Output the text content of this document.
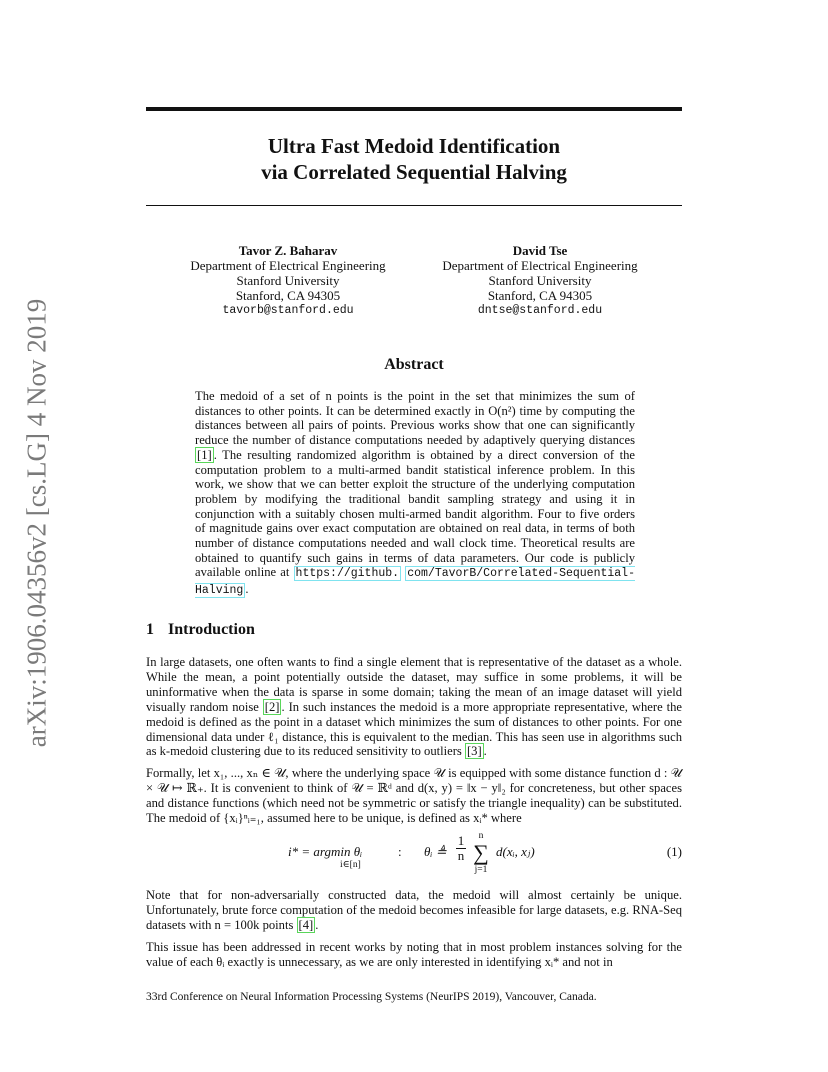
arXiv:1906.04356v2 [cs.LG] 4 Nov 2019
Ultra Fast Medoid Identification
via Correlated Sequential Halving
Tavor Z. Baharav
Department of Electrical Engineering
Stanford University
Stanford, CA 94305
tavorb@stanford.edu
David Tse
Department of Electrical Engineering
Stanford University
Stanford, CA 94305
dntse@stanford.edu
Abstract
The medoid of a set of n points is the point in the set that minimizes the sum of distances to other points. It can be determined exactly in O(n²) time by computing the distances between all pairs of points. Previous works show that one can significantly reduce the number of distance computations needed by adaptively querying distances [1] . The resulting randomized algorithm is obtained by a direct conversion of the computation problem to a multi-armed bandit statistical inference problem. In this work, we show that we can better exploit the structure of the underlying computation problem by modifying the traditional bandit sampling strategy and using it in conjunction with a suitably chosen multi-armed bandit algorithm. Four to five orders of magnitude gains over exact computation are obtained on real data, in terms of both number of distance computations needed and wall clock time. Theoretical results are obtained to quantify such gains in terms of data parameters. Our code is publicly available online at https://github. com/TavorB/Correlated-Sequential-Halving .
1 Introduction
In large datasets, one often wants to find a single element that is representative of the dataset as a whole. While the mean, a point potentially outside the dataset, may suffice in some problems, it will be uninformative when the data is sparse in some domain; taking the mean of an image dataset will yield visually random noise [2] . In such instances the medoid is a more appropriate representative, where the medoid is defined as the point in a dataset which minimizes the sum of distances to other points. For one dimensional data under ℓ₁ distance, this is equivalent to the median. This has seen use in algorithms such as k-medoid clustering due to its reduced sensitivity to outliers [3] .
Formally, let x₁, ..., xₙ ∈ 𝒰, where the underlying space 𝒰 is equipped with some distance function d : 𝒰 × 𝒰 ↦ ℝ₊. It is convenient to think of 𝒰 = ℝᵈ and d(x, y) = ‖x − y‖₂ for concreteness, but other spaces and distance functions (which need not be symmetric or satisfy the triangle inequality) can be substituted. The medoid of {xᵢ}ⁿᵢ₌₁, assumed here to be unique, is defined as xᵢ* where
i* = argmin θᵢ
i∈[n]
: θᵢ ≜
1
n
n
∑
j=1
d(xᵢ, xⱼ)	(1)
Note that for non-adversarially constructed data, the medoid will almost certainly be unique. Unfortunately, brute force computation of the medoid becomes infeasible for large datasets, e.g. RNA-Seq datasets with n = 100k points [4] .
This issue has been addressed in recent works by noting that in most problem instances solving for the value of each θᵢ exactly is unnecessary, as we are only interested in identifying xᵢ* and not in
33rd Conference on Neural Information Processing Systems (NeurIPS 2019), Vancouver, Canada.
